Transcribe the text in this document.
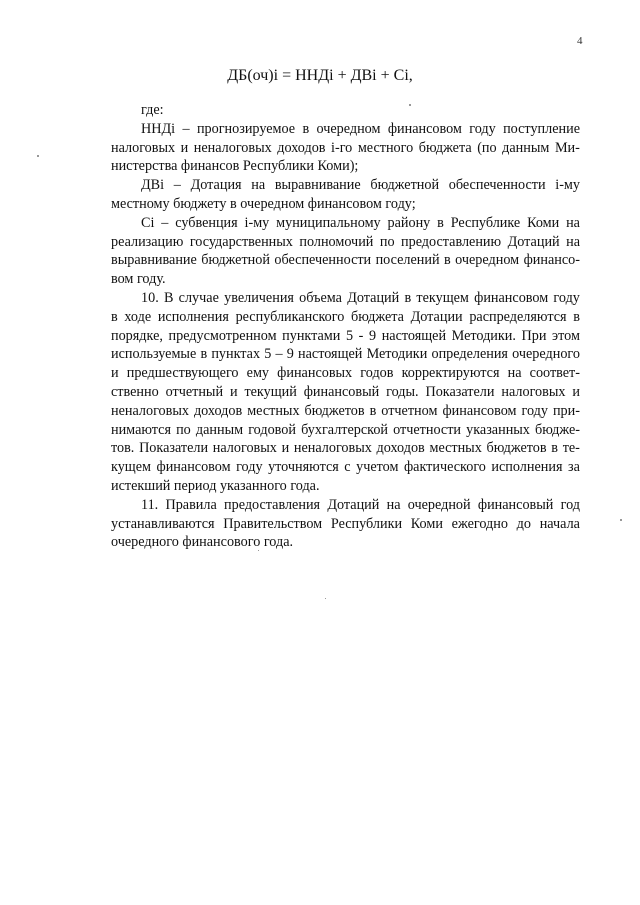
4
ДБ(оч)i = ННДi + ДВi + Ci,
где:
ННДi – прогнозируемое в очередном финансовом году поступление
налоговых и неналоговых доходов i-го местного бюджета (по данным Ми-
нистерства финансов Республики Коми);
ДВi – Дотация на выравнивание бюджетной обеспеченности i-му
местному бюджету в очередном финансовом году;
Ci – субвенция i-му муниципальному району в Республике Коми на
реализацию государственных полномочий по предоставлению Дотаций на
выравнивание бюджетной обеспеченности поселений в очередном финансо-
вом году.
10. В случае увеличения объема Дотаций в текущем финансовом году
в ходе исполнения республиканского бюджета Дотации распределяются в
порядке, предусмотренном пунктами 5 - 9 настоящей Методики. При этом
используемые в пунктах 5 – 9 настоящей Методики определения очередного
и предшествующего ему финансовых годов корректируются на соответ-
ственно отчетный и текущий финансовый годы. Показатели налоговых и
неналоговых доходов местных бюджетов в отчетном финансовом году при-
нимаются по данным годовой бухгалтерской отчетности указанных бюдже-
тов. Показатели налоговых и неналоговых доходов местных бюджетов в те-
кущем финансовом году уточняются с учетом фактического исполнения за
истекший период указанного года.
11. Правила предоставления Дотаций на очередной финансовый год
устанавливаются Правительством Республики Коми ежегодно до начала
очередного финансового года.
